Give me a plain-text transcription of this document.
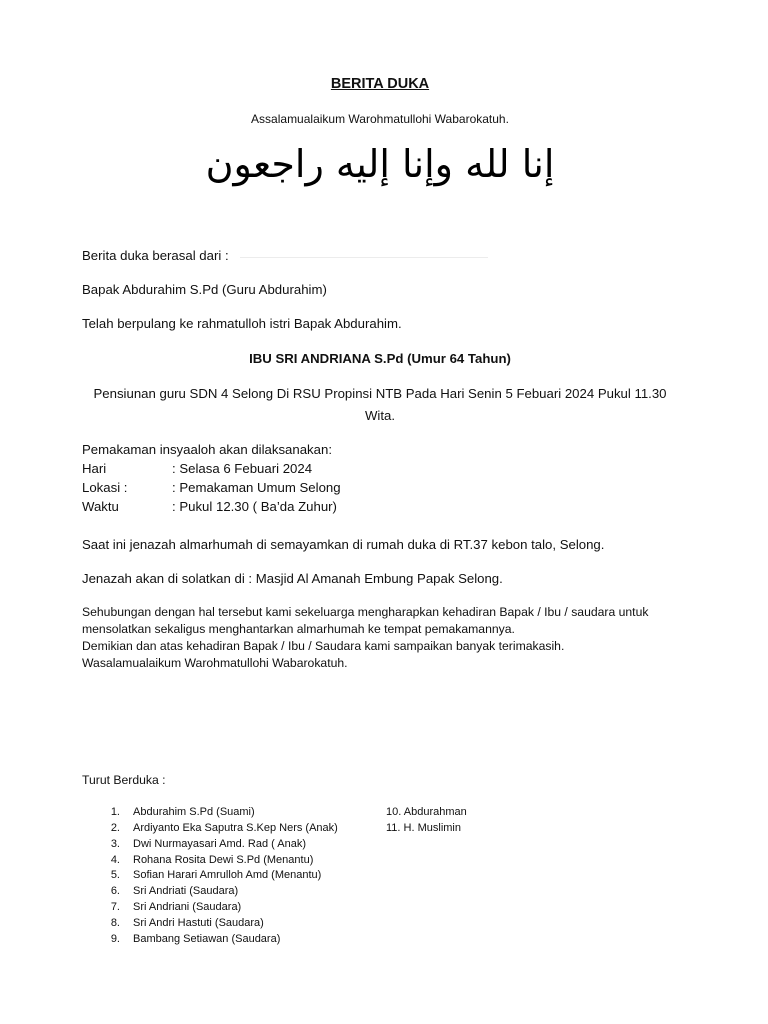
BERITA DUKA
Assalamualaikum Warohmatullohi Wabarokatuh.
إنا لله وإنا إليه راجعون
Berita duka berasal dari :
Bapak Abdurahim S.Pd (Guru Abdurahim)
Telah berpulang ke rahmatulloh istri Bapak Abdurahim.
IBU SRI ANDRIANA S.Pd (Umur 64 Tahun)
Pensiunan guru SDN 4 Selong Di RSU Propinsi NTB Pada Hari Senin 5 Febuari 2024 Pukul 11.30
Wita.
Pemakaman insyaaloh akan dilaksanakan:
Hari	: Selasa 6 Febuari 2024
Lokasi :	: Pemakaman Umum Selong
Waktu	: Pukul 12.30 ( Ba’da Zuhur)
Saat ini jenazah almarhumah di semayamkan di rumah duka di RT.37 kebon talo, Selong.
Jenazah akan di solatkan di : Masjid Al Amanah Embung Papak Selong.
Sehubungan dengan hal tersebut kami sekeluarga mengharapkan kehadiran Bapak / Ibu / saudara untuk
mensolatkan sekaligus menghantarkan almarhumah ke tempat pemakamannya.
Demikian dan atas kehadiran Bapak / Ibu / Saudara kami sampaikan banyak terimakasih.
Wasalamualaikum Warohmatullohi Wabarokatuh.
Turut Berduka :
1. Abdurahim S.Pd (Suami)
2. Ardiyanto Eka Saputra S.Kep Ners (Anak)
3. Dwi Nurmayasari Amd. Rad ( Anak)
4. Rohana Rosita Dewi S.Pd (Menantu)
5. Sofian Harari Amrulloh Amd (Menantu)
6. Sri Andriati (Saudara)
7. Sri Andriani (Saudara)
8. Sri Andri Hastuti (Saudara)
9. Bambang Setiawan (Saudara)
10. Abdurahman
11. H. Muslimin
